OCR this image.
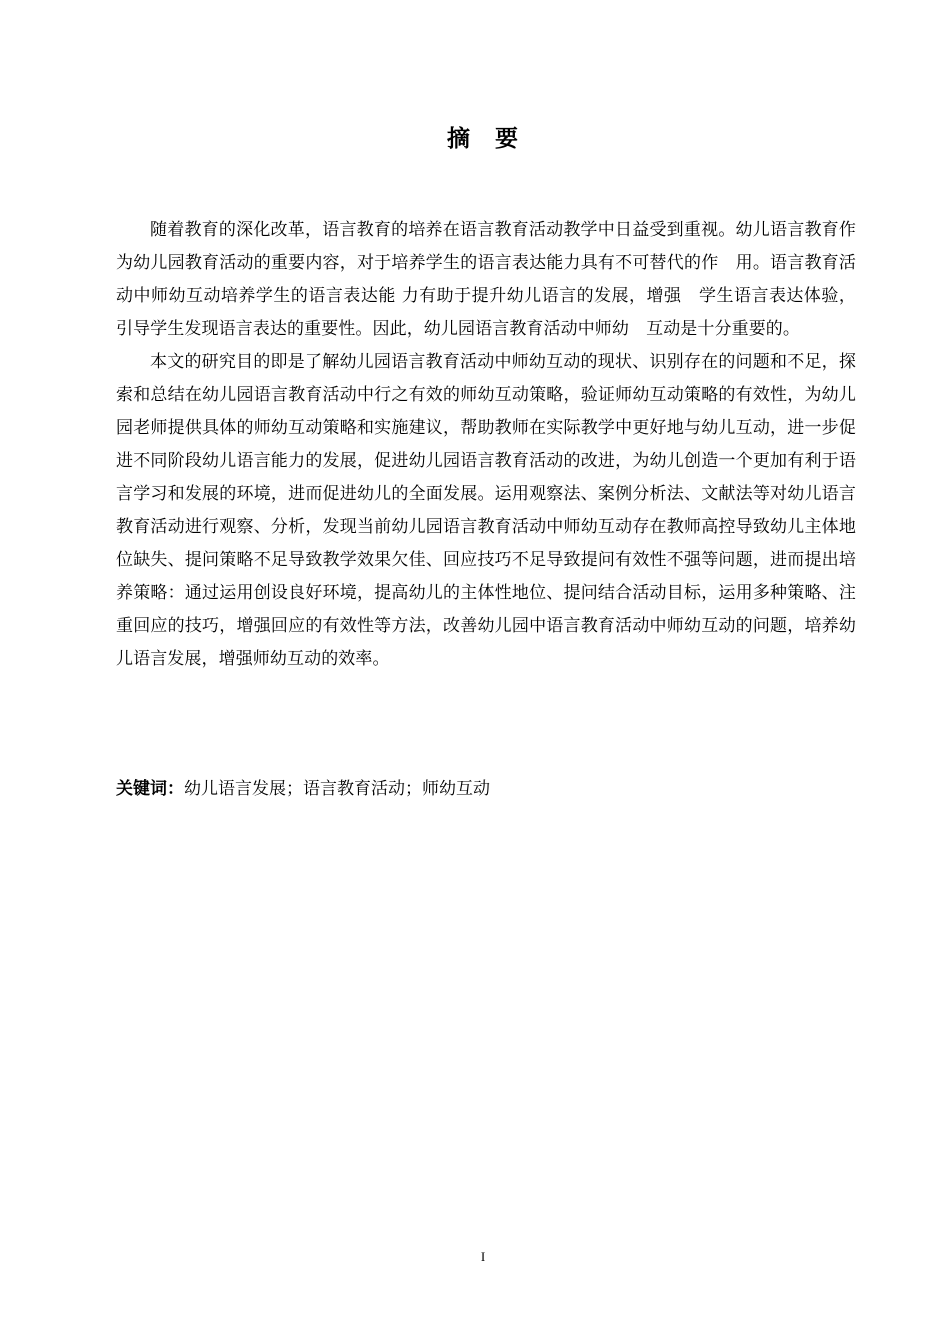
摘　要

随着教育的深化改革，语言教育的培养在语言教育活动教学中日益受到重视。幼儿语言教育作为幼儿园教育活动的重要内容，对于培养学生的语言表达能力具有不可替代的作　用。语言教育活动中师幼互动培养学生的语言表达能 力有助于提升幼儿语言的发展，增强　学生语言表达体验，引导学生发现语言表达的重要性。因此，幼儿园语言教育活动中师幼　互动是十分重要的。

本文的研究目的即是了解幼儿园语言教育活动中师幼互动的现状、识别存在的问题和不足，探索和总结在幼儿园语言教育活动中行之有效的师幼互动策略，验证师幼互动策略的有效性，为幼儿园老师提供具体的师幼互动策略和实施建议，帮助教师在实际教学中更好地与幼儿互动，进一步促进不同阶段幼儿语言能力的发展，促进幼儿园语言教育活动的改进，为幼儿创造一个更加有利于语言学习和发展的环境，进而促进幼儿的全面发展。运用观察法、案例分析法、文献法等对幼儿语言教育活动进行观察、分析，发现当前幼儿园语言教育活动中师幼互动存在教师高控导致幼儿主体地位缺失、提问策略不足导致教学效果欠佳、回应技巧不足导致提问有效性不强等问题，进而提出培养策略：通过运用创设良好环境，提高幼儿的主体性地位、提问结合活动目标，运用多种策略、注重回应的技巧，增强回应的有效性等方法，改善幼儿园中语言教育活动中师幼互动的问题，培养幼儿语言发展，增强师幼互动的效率。

关键词：幼儿语言发展；语言教育活动；师幼互动

I
